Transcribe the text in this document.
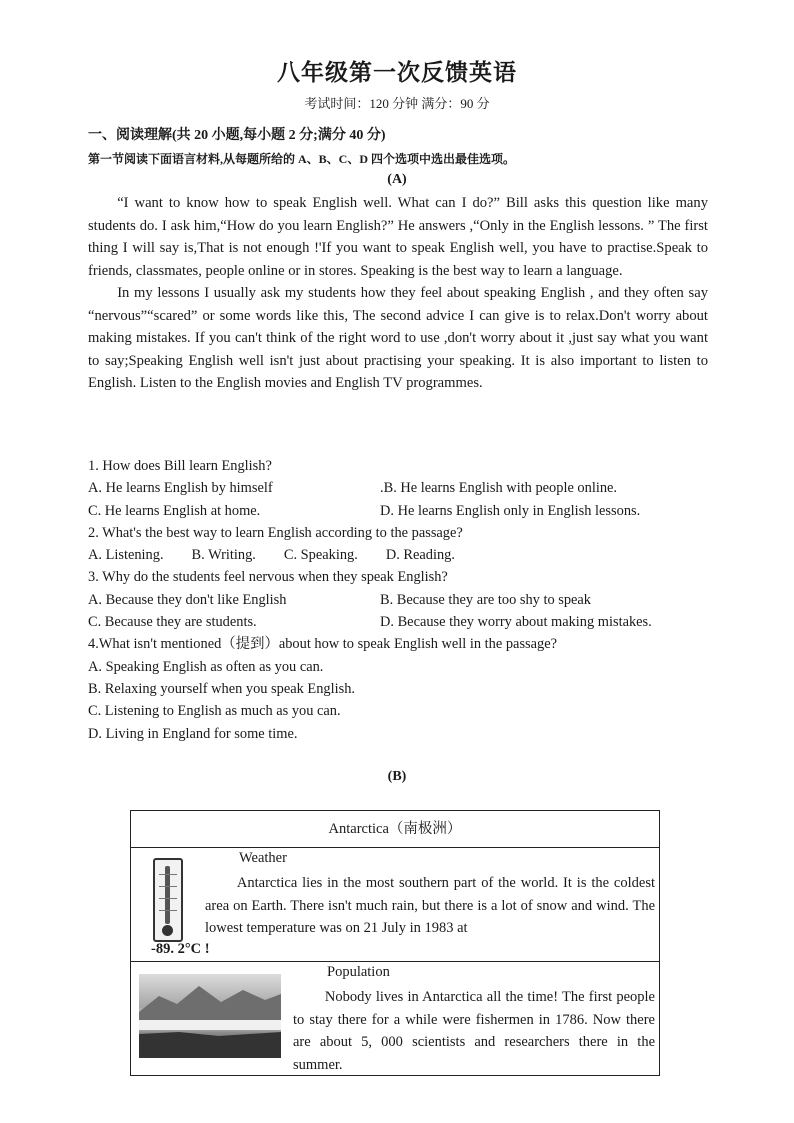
八年级第一次反馈英语
考试时间：120 分钟 满分：90 分
一、阅读理解(共 20 小题,每小题 2 分;满分 40 分)
第一节阅读下面语言材料,从每题所给的 A、B、C、D 四个选项中选出最佳选项。
(A)

“I want to know how to speak English well. What can I do?” Bill asks this question like many students do. I ask him,“How do you learn English?” He answers ,“Only in the English lessons. ” The first thing I will say is,That is not enough !'If you want to speak English well, you have to practise.Speak to friends, classmates, people online or in stores. Speaking is the best way to learn a language.

In my lessons I usually ask my students how they feel about speaking English , and they often say “nervous”“scared” or some words like this, The second advice I can give is to relax.Don't worry about making mistakes. If you can't think of the right word to use ,don't worry about it ,just say what you want to say;Speaking English well isn't just about practising your speaking. It is also important to listen to English. Listen to the English movies and English TV programmes.

1. How does Bill learn English?

A. He learns English by himself	.B. He learns English with people online.
C. He learns English at home.	D. He learns English only in English lessons.

2. What's the best way to learn English according to the passage?

A. Listening. B. Writing. C. Speaking. D. Reading.

3. Why do the students feel nervous when they speak English?

A. Because they don't like English	B. Because they are too shy to speak
C. Because they are students.	D. Because they worry about making mistakes.

4.What isn't mentioned（提到）about how to speak English well in the passage?

A. Speaking English as often as you can.
B. Relaxing yourself when you speak English.
C. Listening to English as much as you can.
D. Living in England for some time.
(B)
Antarctica（南极洲）
Weather
Antarctica lies in the most southern part of the world. It is the coldest area on Earth. There isn't much rain, but there is a lot of snow and wind. The lowest temperature was on 21 July in 1983 at
-89. 2°C !
Population
Nobody lives in Antarctica all the time! The first people to stay there for a while were fishermen in 1786. Now there are about 5, 000 scientists and researchers there in the summer.
